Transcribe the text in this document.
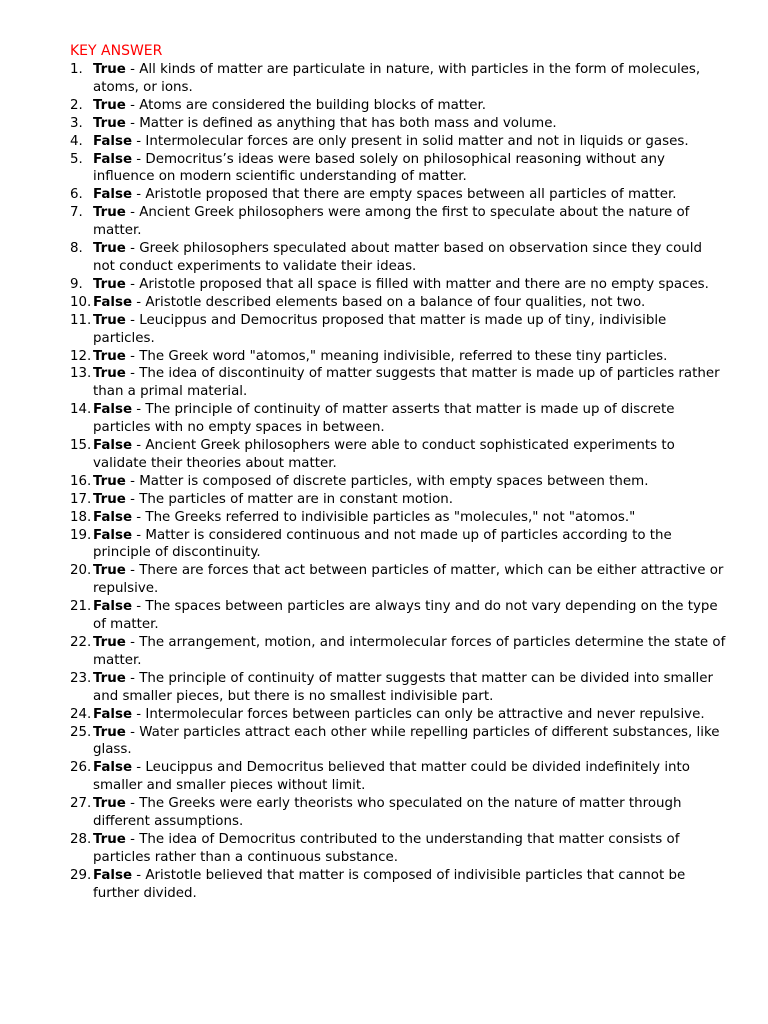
KEY ANSWER
1. True - All kinds of matter are particulate in nature, with particles in the form of molecules, atoms, or ions.
2. True - Atoms are considered the building blocks of matter.
3. True - Matter is defined as anything that has both mass and volume.
4. False - Intermolecular forces are only present in solid matter and not in liquids or gases.
5. False - Democritus’s ideas were based solely on philosophical reasoning without any influence on modern scientific understanding of matter.
6. False - Aristotle proposed that there are empty spaces between all particles of matter.
7. True - Ancient Greek philosophers were among the first to speculate about the nature of matter.
8. True - Greek philosophers speculated about matter based on observation since they could not conduct experiments to validate their ideas.
9. True - Aristotle proposed that all space is filled with matter and there are no empty spaces.
10. False - Aristotle described elements based on a balance of four qualities, not two.
11. True - Leucippus and Democritus proposed that matter is made up of tiny, indivisible particles.
12. True - The Greek word "atomos," meaning indivisible, referred to these tiny particles.
13. True - The idea of discontinuity of matter suggests that matter is made up of particles rather than a primal material.
14. False - The principle of continuity of matter asserts that matter is made up of discrete particles with no empty spaces in between.
15. False - Ancient Greek philosophers were able to conduct sophisticated experiments to validate their theories about matter.
16. True - Matter is composed of discrete particles, with empty spaces between them.
17. True - The particles of matter are in constant motion.
18. False - The Greeks referred to indivisible particles as "molecules," not "atomos."
19. False - Matter is considered continuous and not made up of particles according to the principle of discontinuity.
20. True - There are forces that act between particles of matter, which can be either attractive or repulsive.
21. False - The spaces between particles are always tiny and do not vary depending on the type of matter.
22. True - The arrangement, motion, and intermolecular forces of particles determine the state of matter.
23. True - The principle of continuity of matter suggests that matter can be divided into smaller and smaller pieces, but there is no smallest indivisible part.
24. False - Intermolecular forces between particles can only be attractive and never repulsive.
25. True - Water particles attract each other while repelling particles of different substances, like glass.
26. False - Leucippus and Democritus believed that matter could be divided indefinitely into smaller and smaller pieces without limit.
27. True - The Greeks were early theorists who speculated on the nature of matter through different assumptions.
28. True - The idea of Democritus contributed to the understanding that matter consists of particles rather than a continuous substance.
29. False - Aristotle believed that matter is composed of indivisible particles that cannot be further divided.
